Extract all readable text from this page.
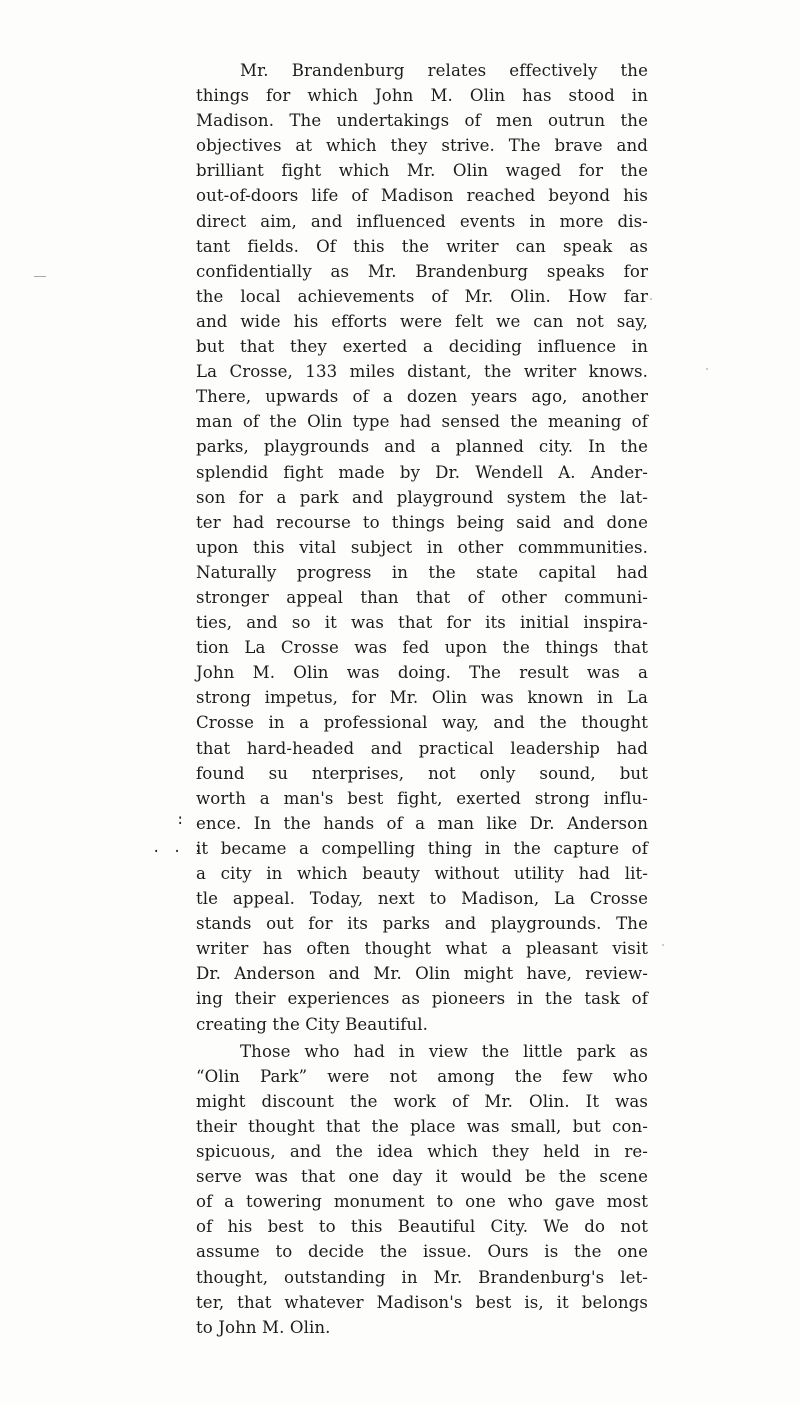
:
. . :
Mr. Brandenburg relates effectively the
things for which John M. Olin has stood in
Madison. The undertakings of men outrun the
objectives at which they strive. The brave and
brilliant fight which Mr. Olin waged for the
out-of-doors life of Madison reached beyond his
direct aim, and influenced events in more dis-
tant fields. Of this the writer can speak as
confidentially as Mr. Brandenburg speaks for
the local achievements of Mr. Olin. How far
and wide his efforts were felt we can not say,
but that they exerted a deciding influence in
La Crosse, 133 miles distant, the writer knows.
There, upwards of a dozen years ago, another
man of the Olin type had sensed the meaning of
parks, playgrounds and a planned city. In the
splendid fight made by Dr. Wendell A. Ander-
son for a park and playground system the lat-
ter had recourse to things being said and done
upon this vital subject in other commmunities.
Naturally progress in the state capital had
stronger appeal than that of other communi-
ties, and so it was that for its initial inspira-
tion La Crosse was fed upon the things that
John M. Olin was doing. The result was a
strong impetus, for Mr. Olin was known in La
Crosse in a professional way, and the thought
that hard-headed and practical leadership had
found su nterprises, not only sound, but
worth a man's best fight, exerted strong influ-
ence. In the hands of a man like Dr. Anderson
it became a compelling thing in the capture of
a city in which beauty without utility had lit-
tle appeal. Today, next to Madison, La Crosse
stands out for its parks and playgrounds. The
writer has often thought what a pleasant visit
Dr. Anderson and Mr. Olin might have, review-
ing their experiences as pioneers in the task of
creating the City Beautiful.
Those who had in view the little park as
“Olin Park” were not among the few who
might discount the work of Mr. Olin. It was
their thought that the place was small, but con-
spicuous, and the idea which they held in re-
serve was that one day it would be the scene
of a towering monument to one who gave most
of his best to this Beautiful City. We do not
assume to decide the issue. Ours is the one
thought, outstanding in Mr. Brandenburg's let-
ter, that whatever Madison's best is, it belongs
to John M. Olin.
